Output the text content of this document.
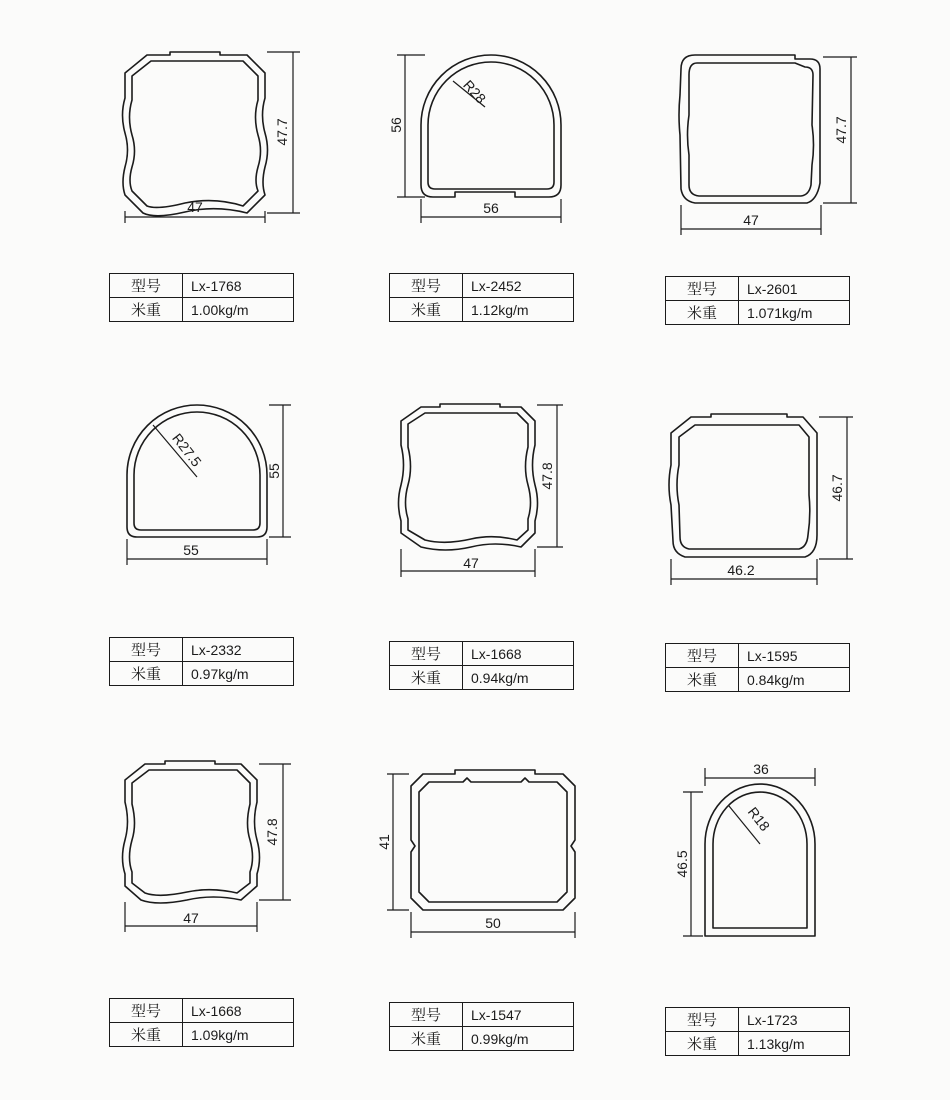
47
47.7
型号	Lx-1768
米重	1.00kg/m
56
56
R28
型号	Lx-2452
米重	1.12kg/m
47
47.7
型号	Lx-2601
米重	1.071kg/m
55
55
R27.5
型号	Lx-2332
米重	0.97kg/m
47
47.8
型号	Lx-1668
米重	0.94kg/m
46.2
46.7
型号	Lx-1595
米重	0.84kg/m
47
47.8
型号	Lx-1668
米重	1.09kg/m
50
41
型号	Lx-1547
米重	0.99kg/m
36
46.5
R18
型号	Lx-1723
米重	1.13kg/m
